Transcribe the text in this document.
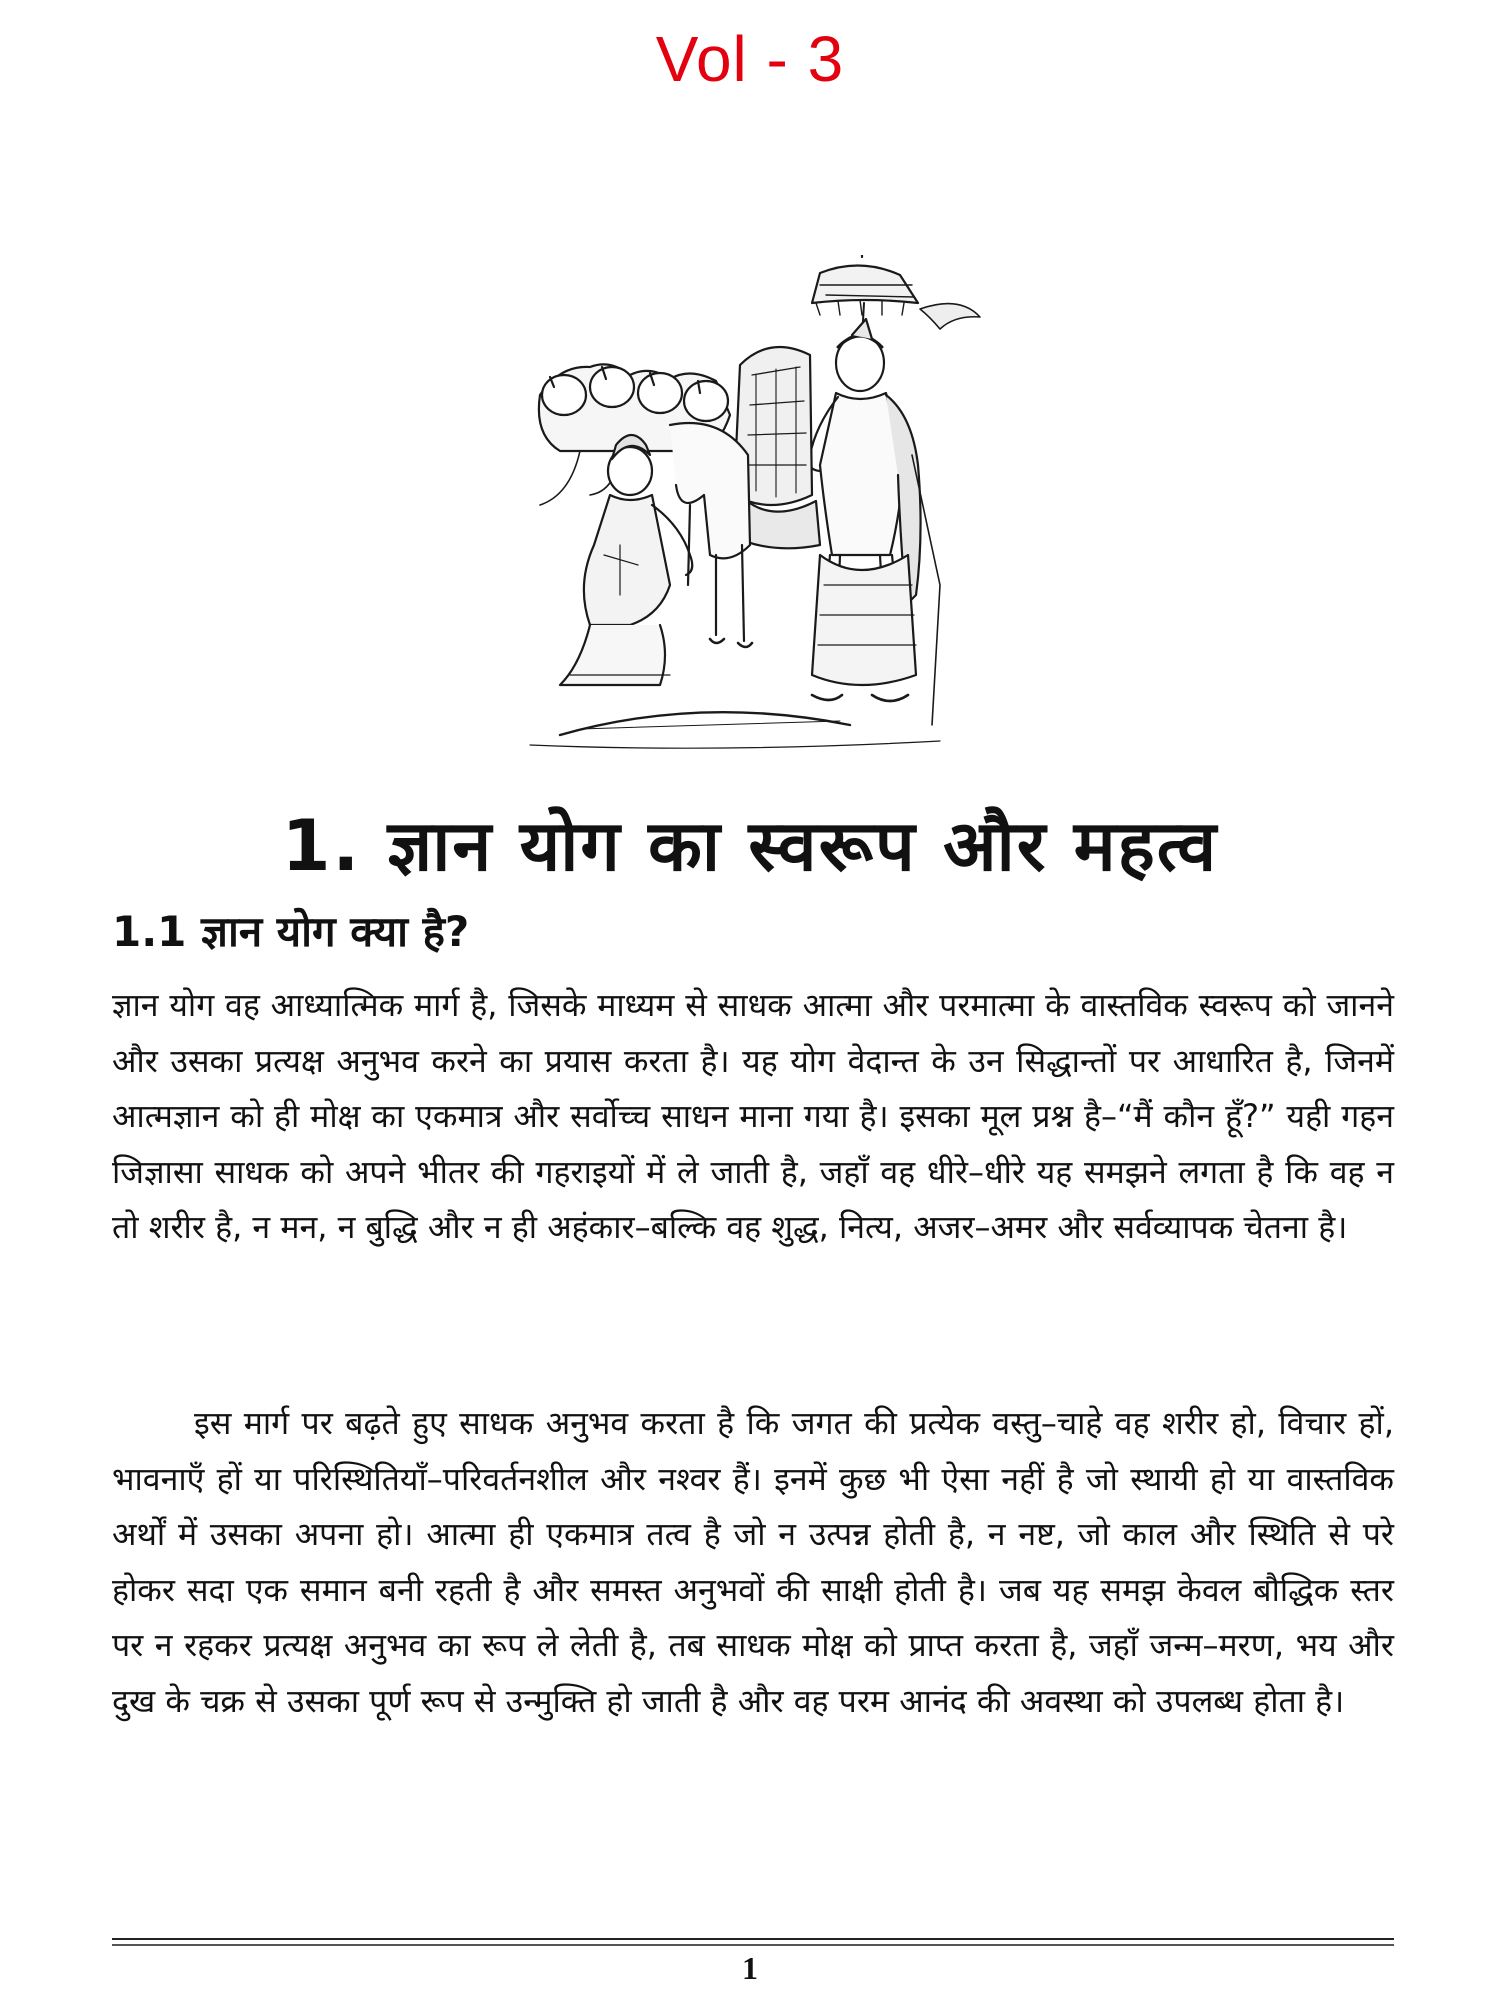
Vol - 3
1. ज्ञान योग का स्वरूप और महत्व
1.1 ज्ञान योग क्या है?

ज्ञान योग वह आध्यात्मिक मार्ग है, जिसके माध्यम से साधक आत्मा और परमात्मा के वास्तविक स्वरूप को जानने और उसका प्रत्यक्ष अनुभव करने का प्रयास करता है। यह योग वेदान्त के उन सिद्धान्तों पर आधारित है, जिनमें आत्मज्ञान को ही मोक्ष का एकमात्र और सर्वोच्च साधन माना गया है। इसका मूल प्रश्न है–“मैं कौन हूँ?” यही गहन जिज्ञासा साधक को अपने भीतर की गहराइयों में ले जाती है, जहाँ वह धीरे–धीरे यह समझने लगता है कि वह न तो शरीर है, न मन, न बुद्धि और न ही अहंकार–बल्कि वह शुद्ध, नित्य, अजर–अमर और सर्वव्यापक चेतना है।

इस मार्ग पर बढ़ते हुए साधक अनुभव करता है कि जगत की प्रत्येक वस्तु–चाहे वह शरीर हो, विचार हों, भावनाएँ हों या परिस्थितियाँ–परिवर्तनशील और नश्वर हैं। इनमें कुछ भी ऐसा नहीं है जो स्थायी हो या वास्तविक अर्थों में उसका अपना हो। आत्मा ही एकमात्र तत्व है जो न उत्पन्न होती है, न नष्ट, जो काल और स्थिति से परे होकर सदा एक समान बनी रहती है और समस्त अनुभवों की साक्षी होती है। जब यह समझ केवल बौद्धिक स्तर पर न रहकर प्रत्यक्ष अनुभव का रूप ले लेती है, तब साधक मोक्ष को प्राप्त करता है, जहाँ जन्म–मरण, भय और दुख के चक्र से उसका पूर्ण रूप से उन्मुक्ति हो जाती है और वह परम आनंद की अवस्था को उपलब्ध होता है।

1
